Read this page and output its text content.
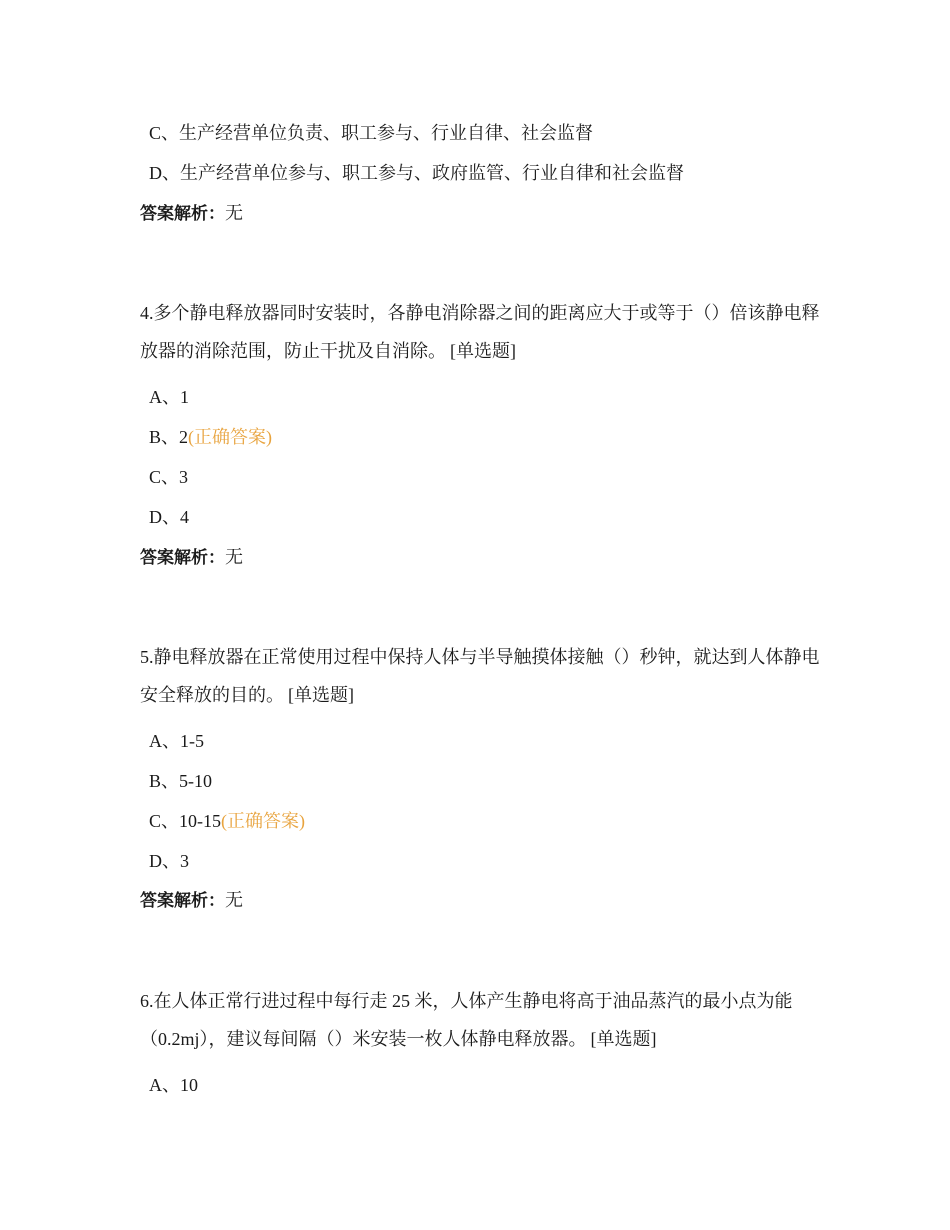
C、生产经营单位负责、职工参与、行业自律、社会监督
D、生产经营单位参与、职工参与、政府监管、行业自律和社会监督
答案解析：无
4.多个静电释放器同时安装时，各静电消除器之间的距离应大于或等于（）倍该静电释放器的消除范围，防止干扰及自消除。 [单选题]
A、1
B、2(正确答案)
C、3
D、4
答案解析：无
5.静电释放器在正常使用过程中保持人体与半导触摸体接触（）秒钟，就达到人体静电安全释放的目的。 [单选题]
A、1-5
B、5-10
C、10-15(正确答案)
D、3
答案解析：无
6.在人体正常行进过程中每行走 25 米，人体产生静电将高于油品蒸汽的最小点为能（0.2mj），建议每间隔（）米安装一枚人体静电释放器。 [单选题]
A、10
